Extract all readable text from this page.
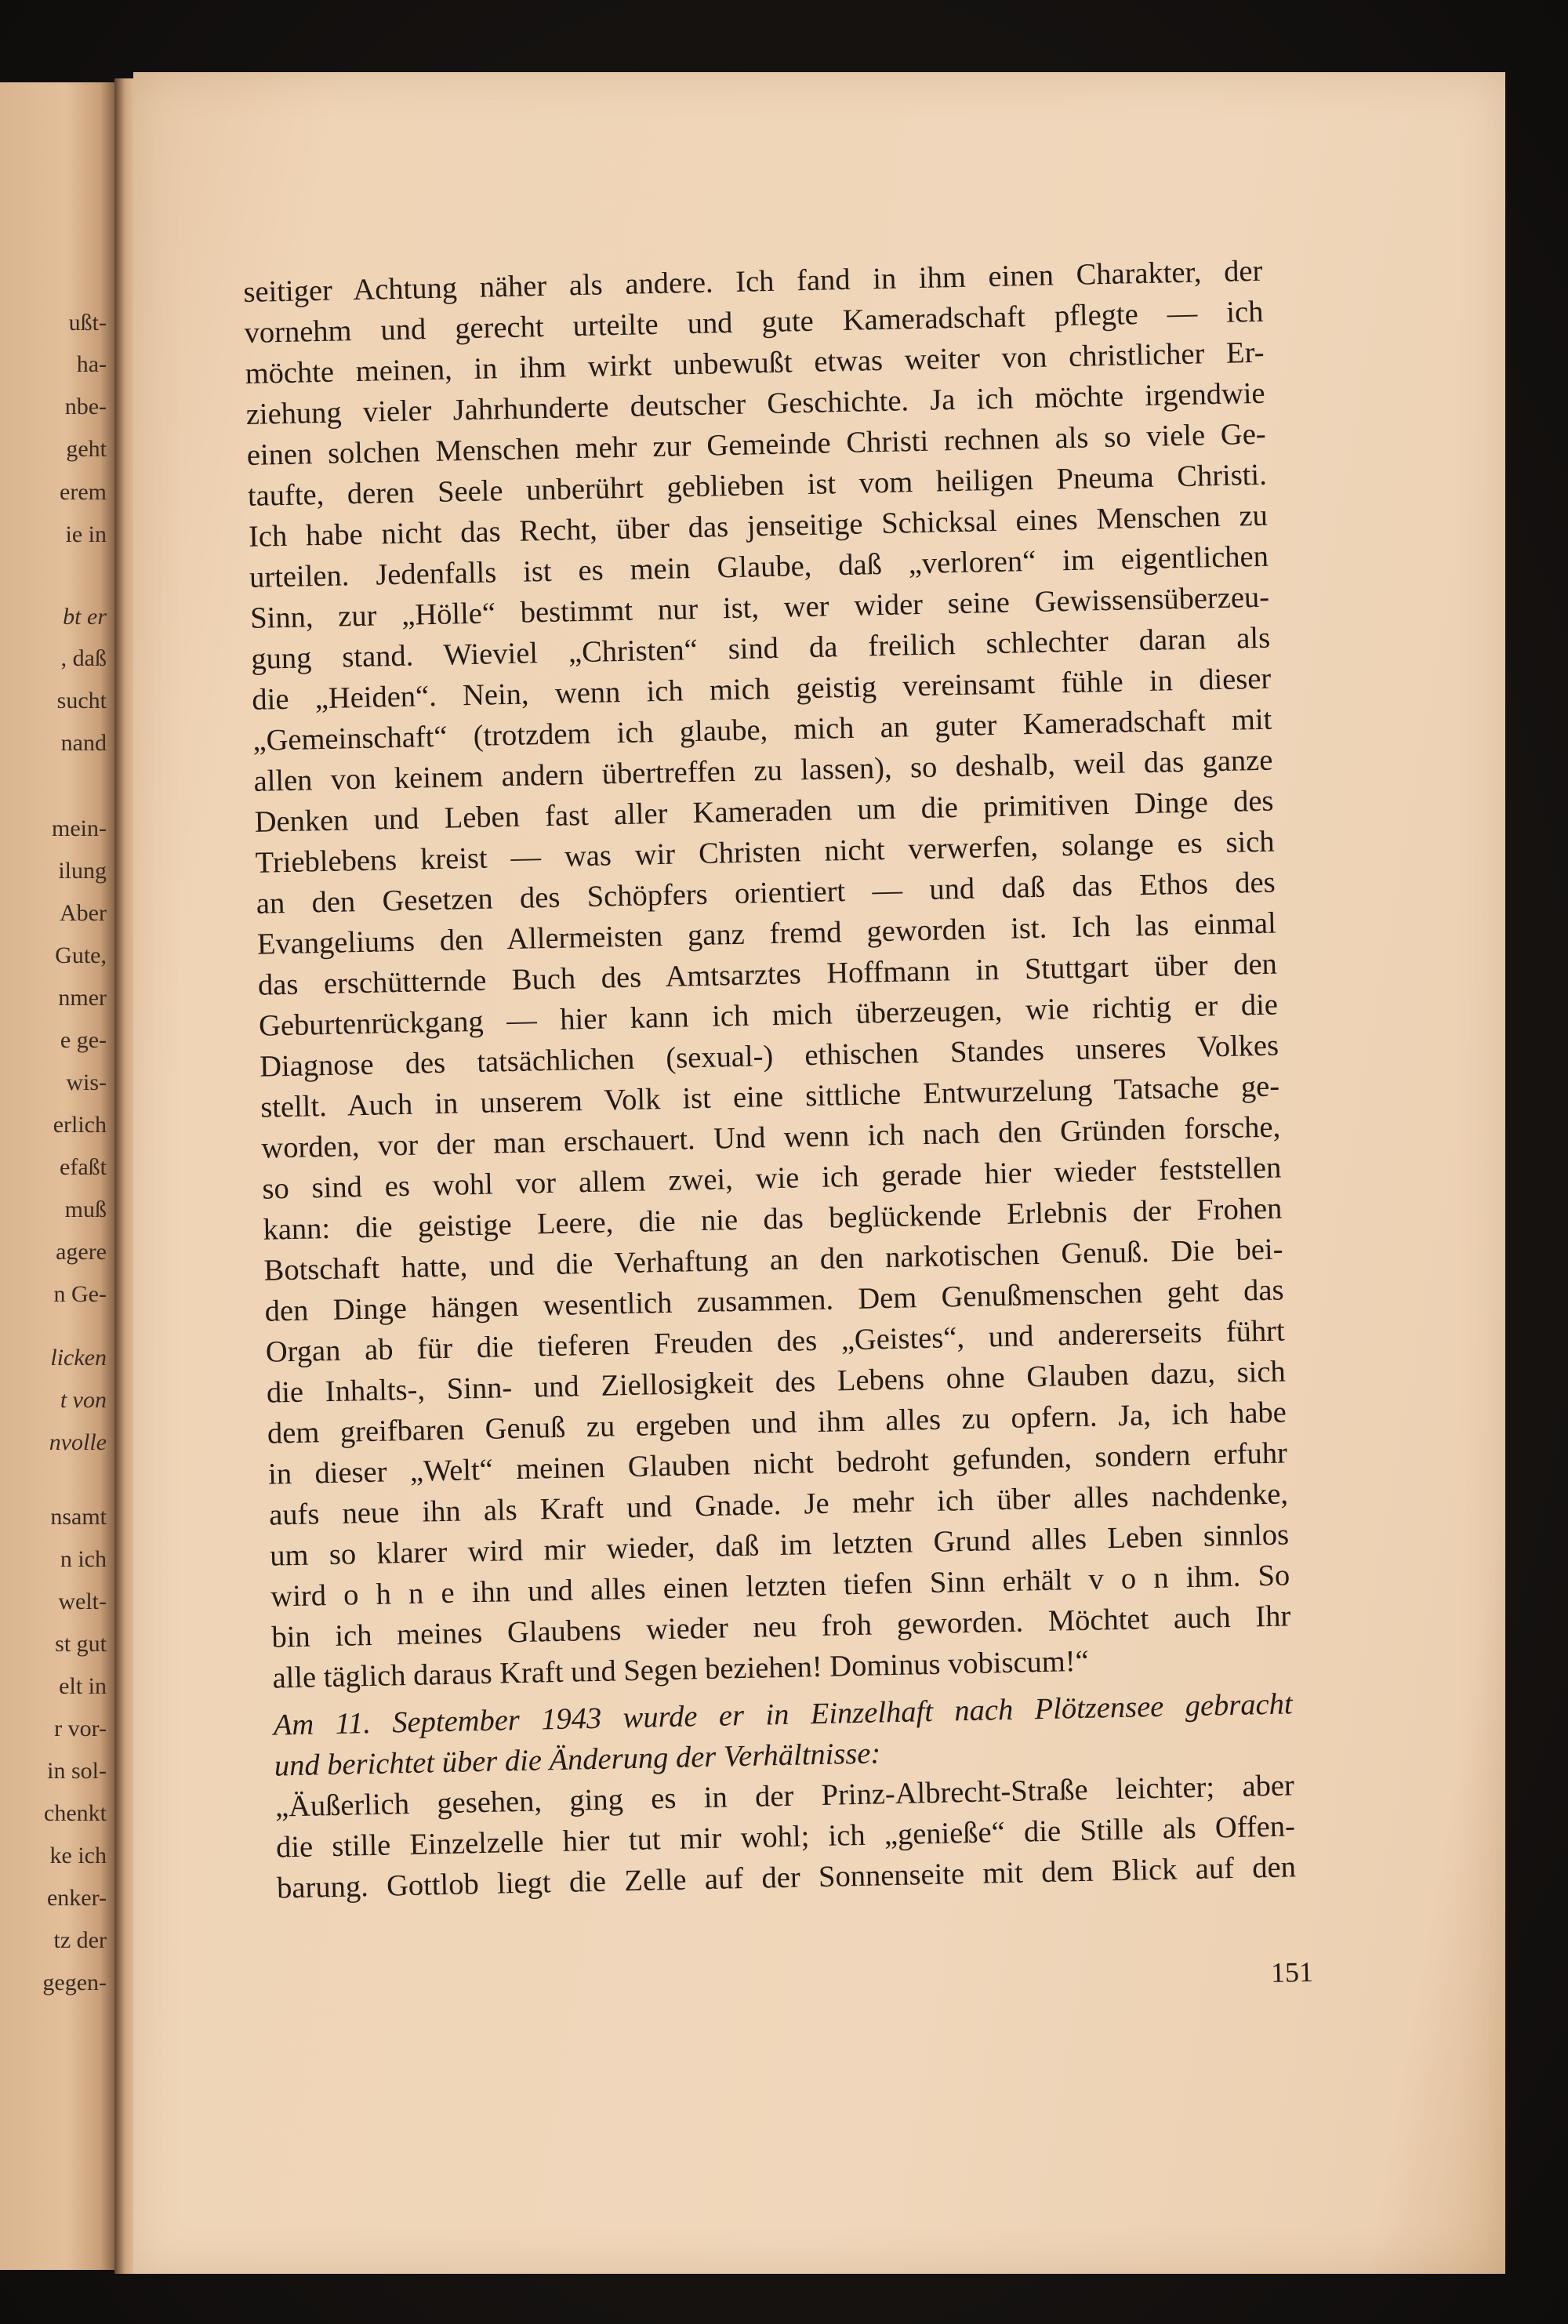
ußt-
ha-
nbe-
geht
erem
ie in
bt er
, daß
sucht
nand
mein-
ilung
Aber
Gute,
nmer
e ge-
wis-
erlich
efaßt
muß
agere
n Ge-
licken
t von
nvolle
nsamt
n ich
welt-
st gut
elt in
r vor-
in sol-
chenkt
ke ich
enker-
tz der
gegen-
seitiger Achtung näher als andere. Ich fand in ihm einen Charakter, der
vornehm und gerecht urteilte und gute Kameradschaft pflegte — ich
möchte meinen, in ihm wirkt unbewußt etwas weiter von christlicher Er-
ziehung vieler Jahrhunderte deutscher Geschichte. Ja ich möchte irgendwie
einen solchen Menschen mehr zur Gemeinde Christi rechnen als so viele Ge-
taufte, deren Seele unberührt geblieben ist vom heiligen Pneuma Christi.
Ich habe nicht das Recht, über das jenseitige Schicksal eines Menschen zu
urteilen. Jedenfalls ist es mein Glaube, daß „verloren“ im eigentlichen
Sinn, zur „Hölle“ bestimmt nur ist, wer wider seine Gewissensüberzeu-
gung stand. Wieviel „Christen“ sind da freilich schlechter daran als
die „Heiden“. Nein, wenn ich mich geistig vereinsamt fühle in dieser
„Gemeinschaft“ (trotzdem ich glaube, mich an guter Kameradschaft mit
allen von keinem andern übertreffen zu lassen), so deshalb, weil das ganze
Denken und Leben fast aller Kameraden um die primitiven Dinge des
Trieblebens kreist — was wir Christen nicht verwerfen, solange es sich
an den Gesetzen des Schöpfers orientiert — und daß das Ethos des
Evangeliums den Allermeisten ganz fremd geworden ist. Ich las einmal
das erschütternde Buch des Amtsarztes Hoffmann in Stuttgart über den
Geburtenrückgang — hier kann ich mich überzeugen, wie richtig er die
Diagnose des tatsächlichen (sexual-) ethischen Standes unseres Volkes
stellt. Auch in unserem Volk ist eine sittliche Entwurzelung Tatsache ge-
worden, vor der man erschauert. Und wenn ich nach den Gründen forsche,
so sind es wohl vor allem zwei, wie ich gerade hier wieder feststellen
kann: die geistige Leere, die nie das beglückende Erlebnis der Frohen
Botschaft hatte, und die Verhaftung an den narkotischen Genuß. Die bei-
den Dinge hängen wesentlich zusammen. Dem Genußmenschen geht das
Organ ab für die tieferen Freuden des „Geistes“, und andererseits führt
die Inhalts-, Sinn- und Ziellosigkeit des Lebens ohne Glauben dazu, sich
dem greifbaren Genuß zu ergeben und ihm alles zu opfern. Ja, ich habe
in dieser „Welt“ meinen Glauben nicht bedroht gefunden, sondern erfuhr
aufs neue ihn als Kraft und Gnade. Je mehr ich über alles nachdenke,
um so klarer wird mir wieder, daß im letzten Grund alles Leben sinnlos
wird o h n e ihn und alles einen letzten tiefen Sinn erhält v o n ihm. So
bin ich meines Glaubens wieder neu froh geworden. Möchtet auch Ihr
alle täglich daraus Kraft und Segen beziehen! Dominus vobiscum!“
Am 11. September 1943 wurde er in Einzelhaft nach Plötzensee gebracht
und berichtet über die Änderung der Verhältnisse:
„Äußerlich gesehen, ging es in der Prinz-Albrecht-Straße leichter; aber
die stille Einzelzelle hier tut mir wohl; ich „genieße“ die Stille als Offen-
barung. Gottlob liegt die Zelle auf der Sonnenseite mit dem Blick auf den
151
